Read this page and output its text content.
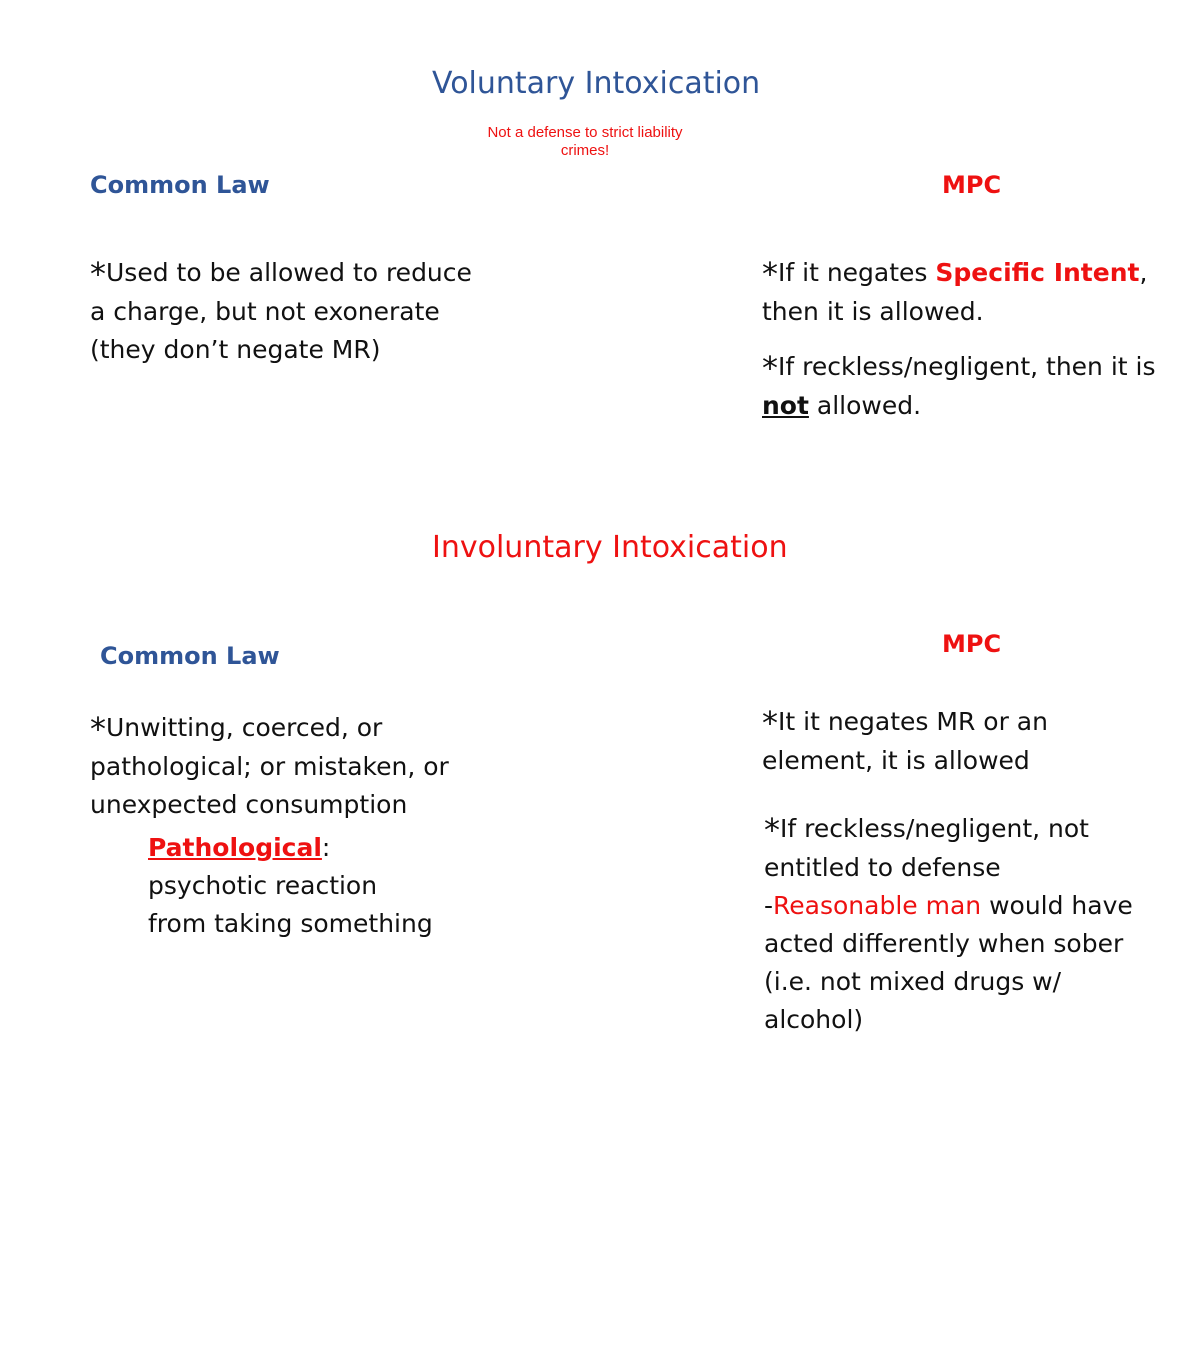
Voluntary Intoxication
Not a defense to strict liability
crimes!
Common Law	MPC
*Used to be allowed to reduce
a charge, but not exonerate
(they don’t negate MR)
*If it negates Specific Intent,
then it is allowed.
*If reckless/negligent, then it is
not allowed.
Involuntary Intoxication
Common Law	MPC
*Unwitting, coerced, or
pathological; or mistaken, or
unexpected consumption
Pathological:
psychotic reaction
from taking something
*It it negates MR or an
element, it is allowed
*If reckless/negligent, not
entitled to defense
-Reasonable man would have
acted differently when sober
(i.e. not mixed drugs w/
alcohol)
